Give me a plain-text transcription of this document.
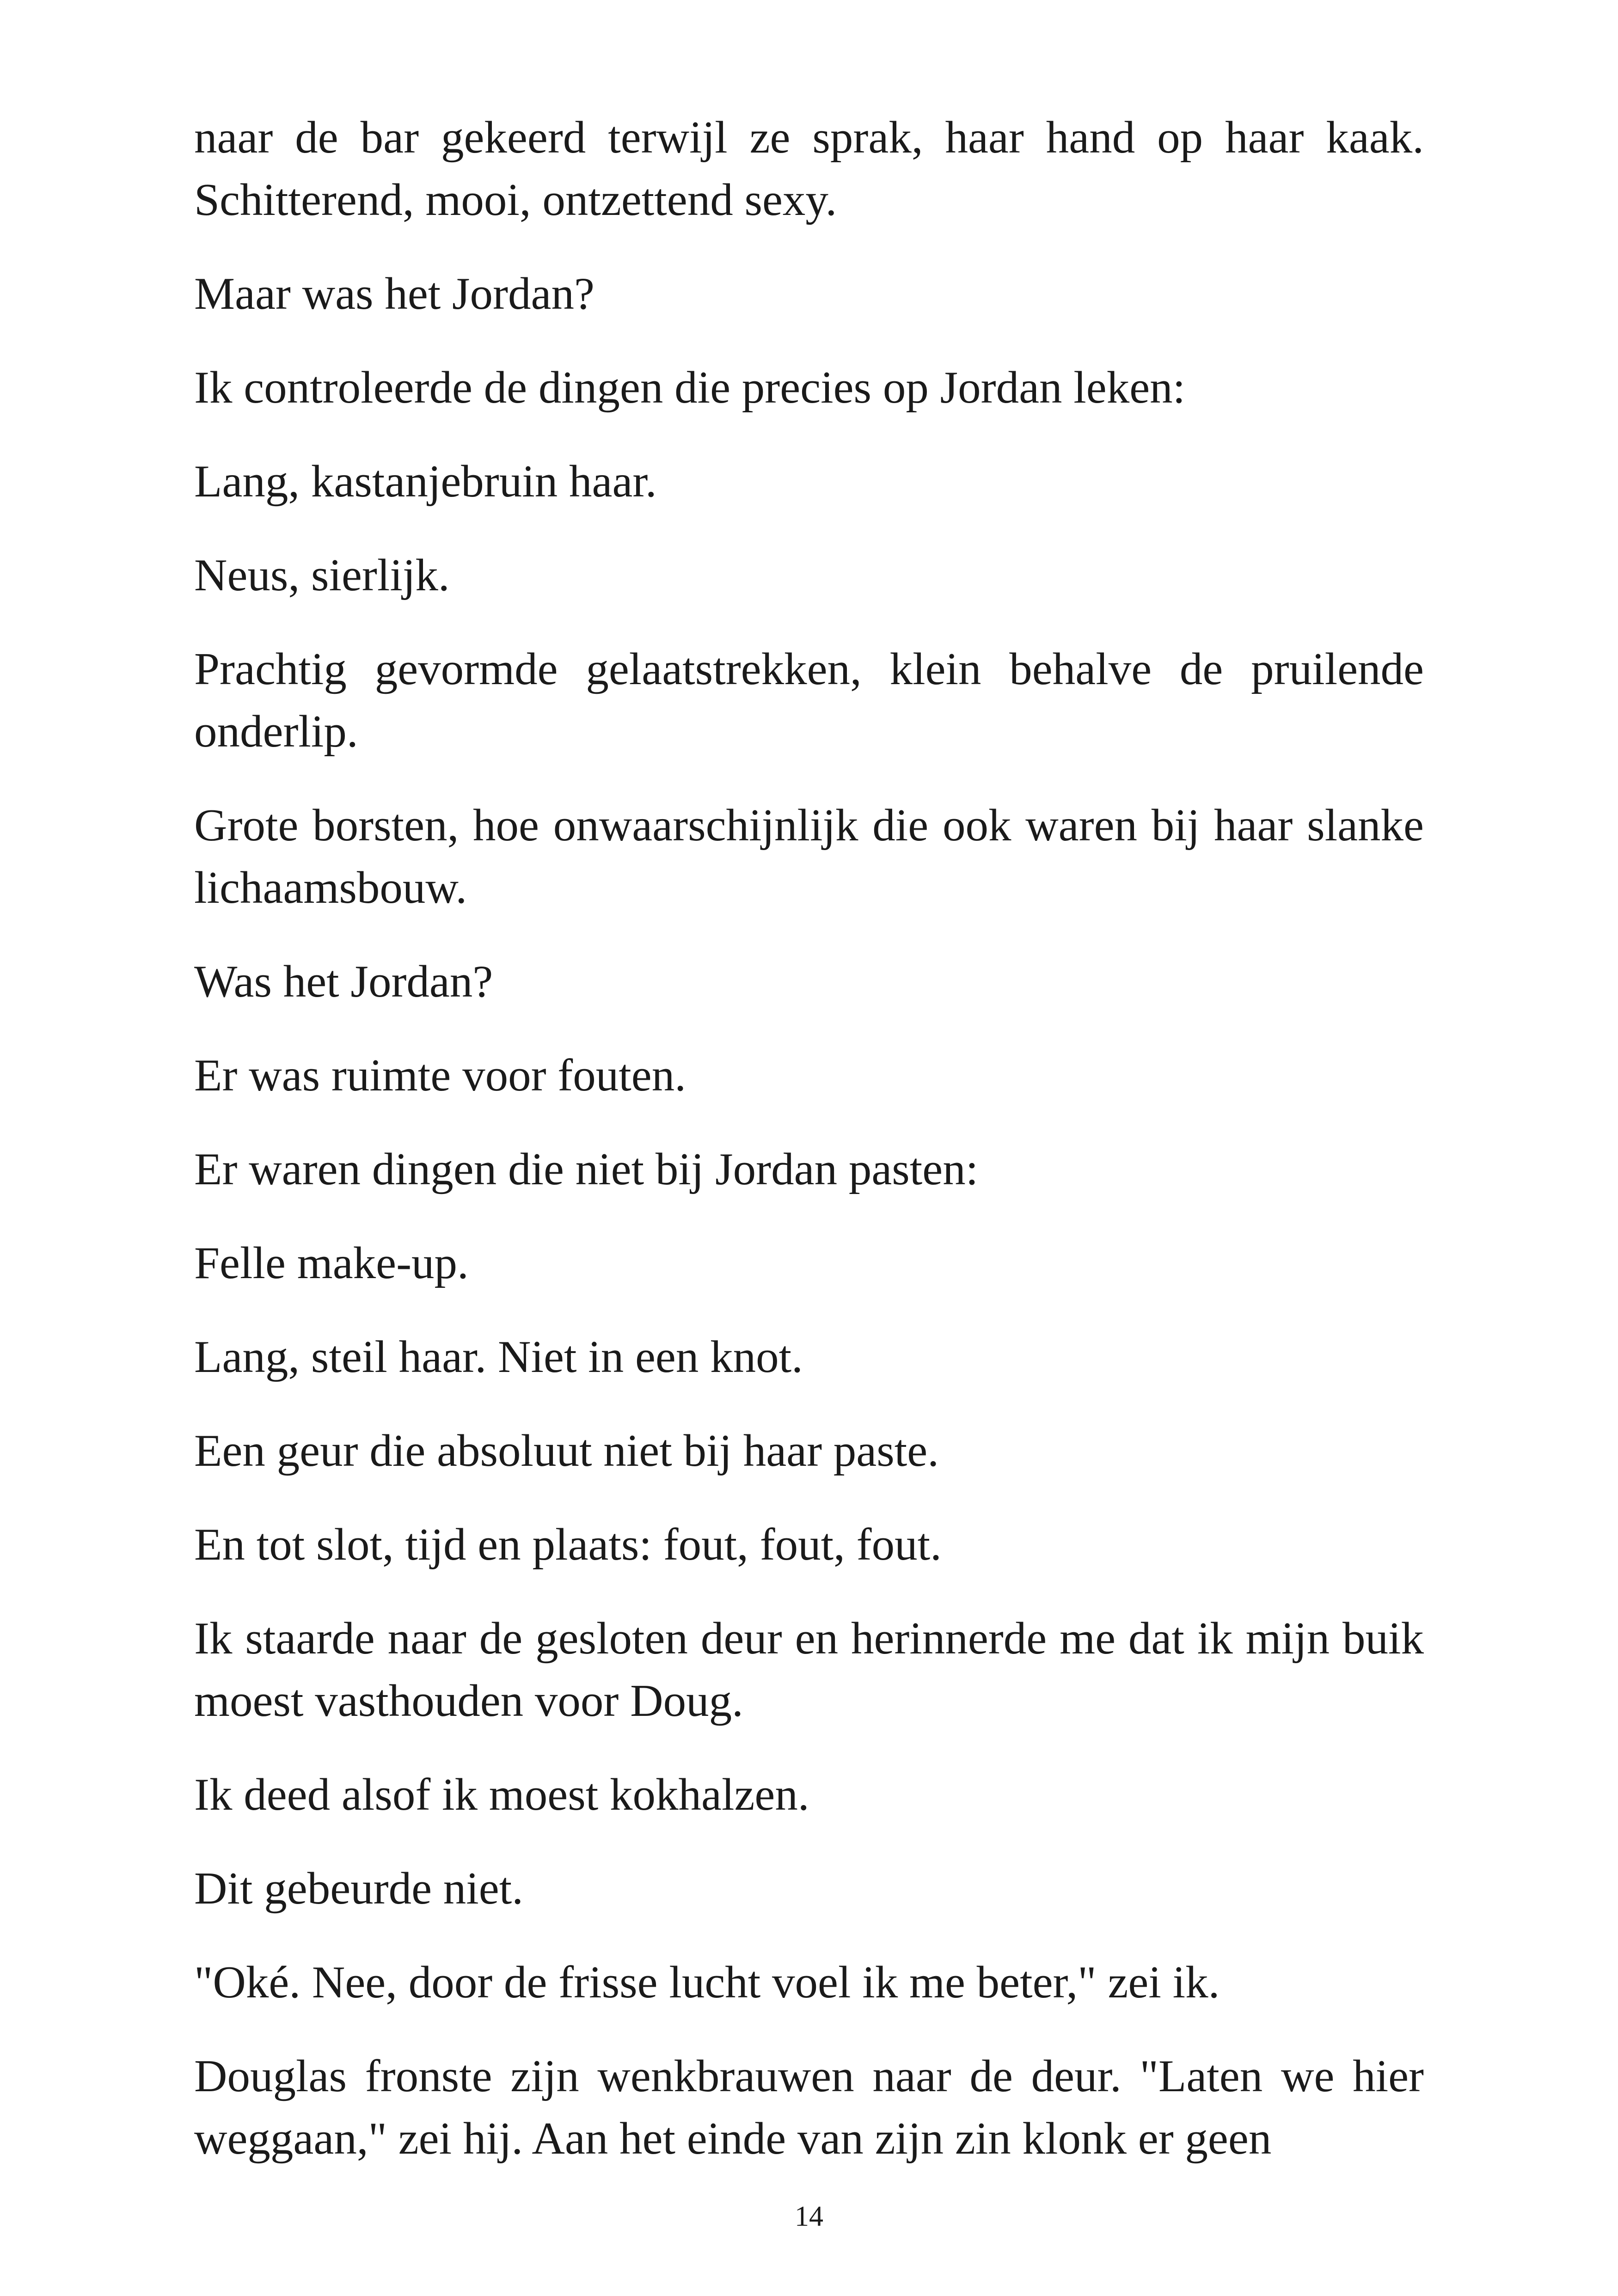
naar de bar gekeerd terwijl ze sprak, haar hand op haar kaak. Schitterend, mooi, ontzettend sexy.

Maar was het Jordan?

Ik controleerde de dingen die precies op Jordan leken:

Lang, kastanjebruin haar.

Neus, sierlijk.

Prachtig gevormde gelaatstrekken, klein behalve de pruilende onderlip.

Grote borsten, hoe onwaarschijnlijk die ook waren bij haar slanke lichaamsbouw.

Was het Jordan?

Er was ruimte voor fouten.

Er waren dingen die niet bij Jordan pasten:

Felle make-up.

Lang, steil haar. Niet in een knot.

Een geur die absoluut niet bij haar paste.

En tot slot, tijd en plaats: fout, fout, fout.

Ik staarde naar de gesloten deur en herinnerde me dat ik mijn buik moest vasthouden voor Doug.

Ik deed alsof ik moest kokhalzen.

Dit gebeurde niet.

"Oké. Nee, door de frisse lucht voel ik me beter," zei ik.

Douglas fronste zijn wenkbrauwen naar de deur. "Laten we hier weggaan," zei hij. Aan het einde van zijn zin klonk er geen

14
